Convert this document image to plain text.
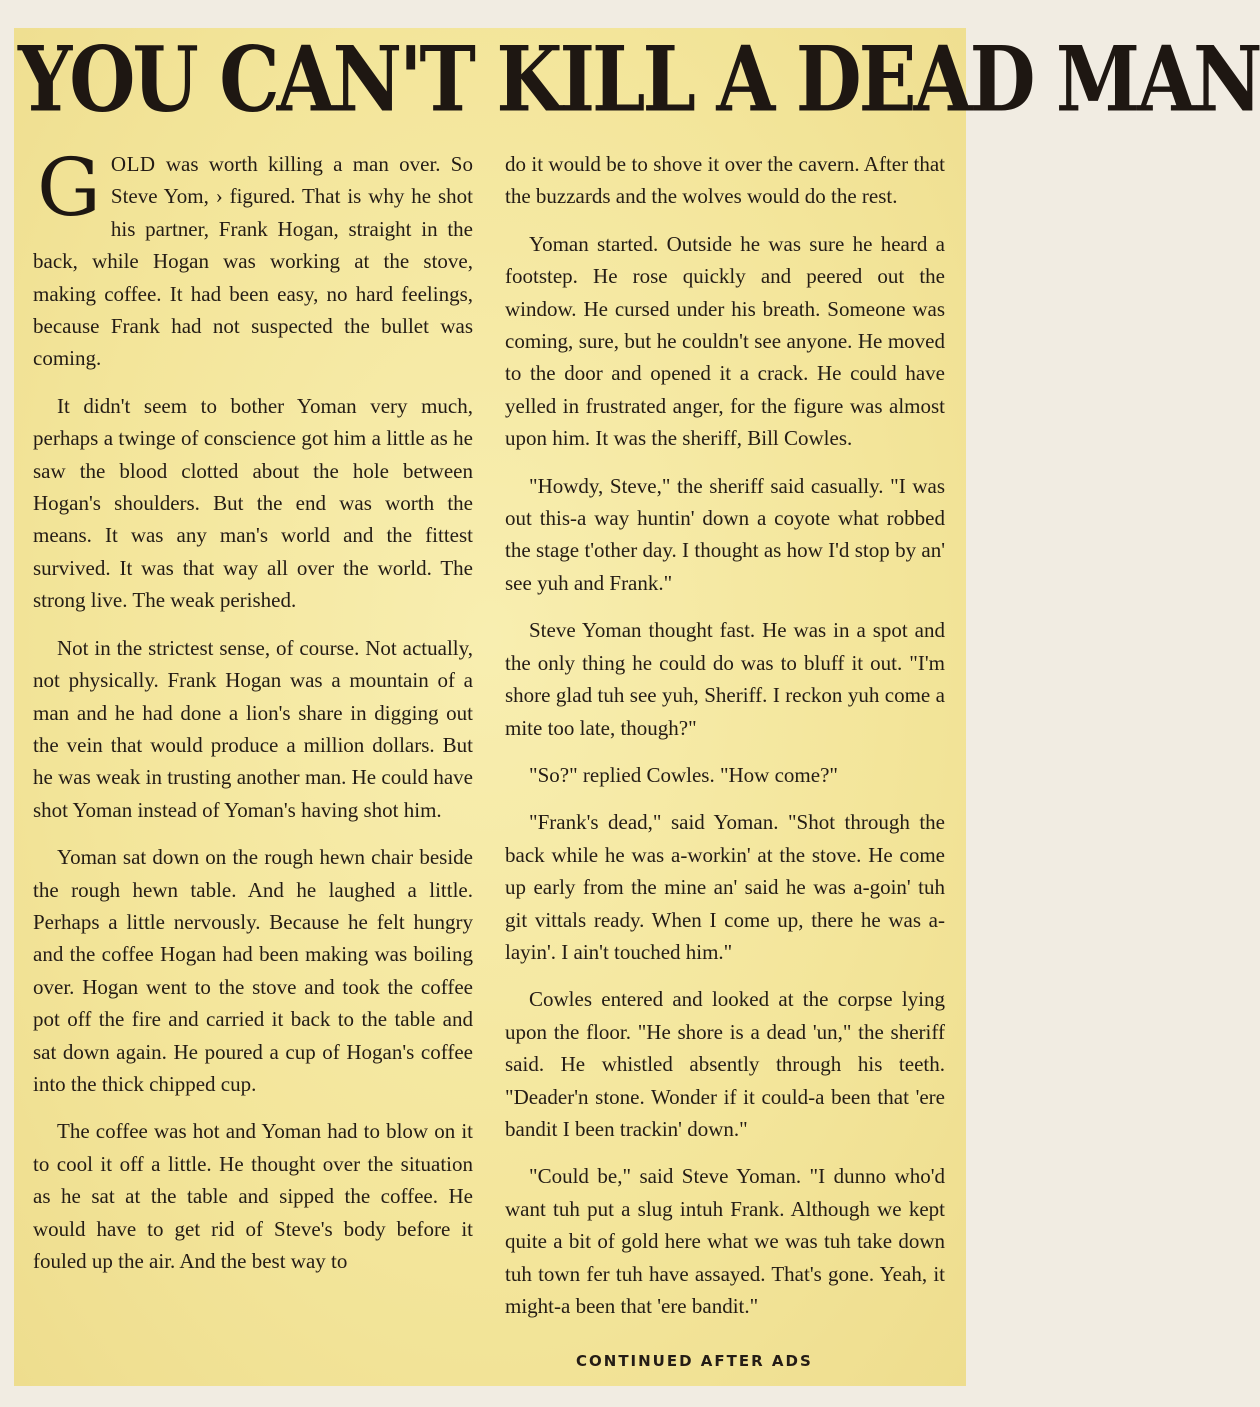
YOU CAN'T KILL A DEAD MAN

GOLD was worth killing a man over. So Steve Yom, › figured. That is why he shot his partner, Frank Hogan, straight in the back, while Hogan was working at the stove, making coffee. It had been easy, no hard feelings, because Frank had not suspected the bullet was coming.

It didn't seem to bother Yoman very much, perhaps a twinge of conscience got him a little as he saw the blood clotted about the hole between Hogan's shoulders. But the end was worth the means. It was any man's world and the fittest survived. It was that way all over the world. The strong live. The weak perished.

Not in the strictest sense, of course. Not actually, not physically. Frank Hogan was a mountain of a man and he had done a lion's share in digging out the vein that would produce a million dollars. But he was weak in trusting another man. He could have shot Yoman instead of Yoman's having shot him.

Yoman sat down on the rough hewn chair beside the rough hewn table. And he laughed a little. Perhaps a little nervously. Because he felt hungry and the coffee Hogan had been making was boiling over. Hogan went to the stove and took the coffee pot off the fire and carried it back to the table and sat down again. He poured a cup of Hogan's coffee into the thick chipped cup.

The coffee was hot and Yoman had to blow on it to cool it off a little. He thought over the situation as he sat at the table and sipped the coffee. He would have to get rid of Steve's body before it fouled up the air. And the best way to

do it would be to shove it over the cavern. After that the buzzards and the wolves would do the rest.

Yoman started. Outside he was sure he heard a footstep. He rose quickly and peered out the window. He cursed under his breath. Someone was coming, sure, but he couldn't see anyone. He moved to the door and opened it a crack. He could have yelled in frustrated anger, for the figure was almost upon him. It was the sheriff, Bill Cowles.

"Howdy, Steve," the sheriff said casually. "I was out this-a way huntin' down a coyote what robbed the stage t'other day. I thought as how I'd stop by an' see yuh and Frank."

Steve Yoman thought fast. He was in a spot and the only thing he could do was to bluff it out. "I'm shore glad tuh see yuh, Sheriff. I reckon yuh come a mite too late, though?"

"So?" replied Cowles. "How come?"

"Frank's dead," said Yoman. "Shot through the back while he was a-workin' at the stove. He come up early from the mine an' said he was a-goin' tuh git vittals ready. When I come up, there he was a-layin'. I ain't touched him."

Cowles entered and looked at the corpse lying upon the floor. "He shore is a dead 'un," the sheriff said. He whistled absently through his teeth. "Deader'n stone. Wonder if it could-a been that 'ere bandit I been trackin' down."

"Could be," said Steve Yoman. "I dunno who'd want tuh put a slug intuh Frank. Although we kept quite a bit of gold here what we was tuh take down tuh town fer tuh have assayed. That's gone. Yeah, it might-a been that 'ere bandit."

CONTINUED AFTER ADS
